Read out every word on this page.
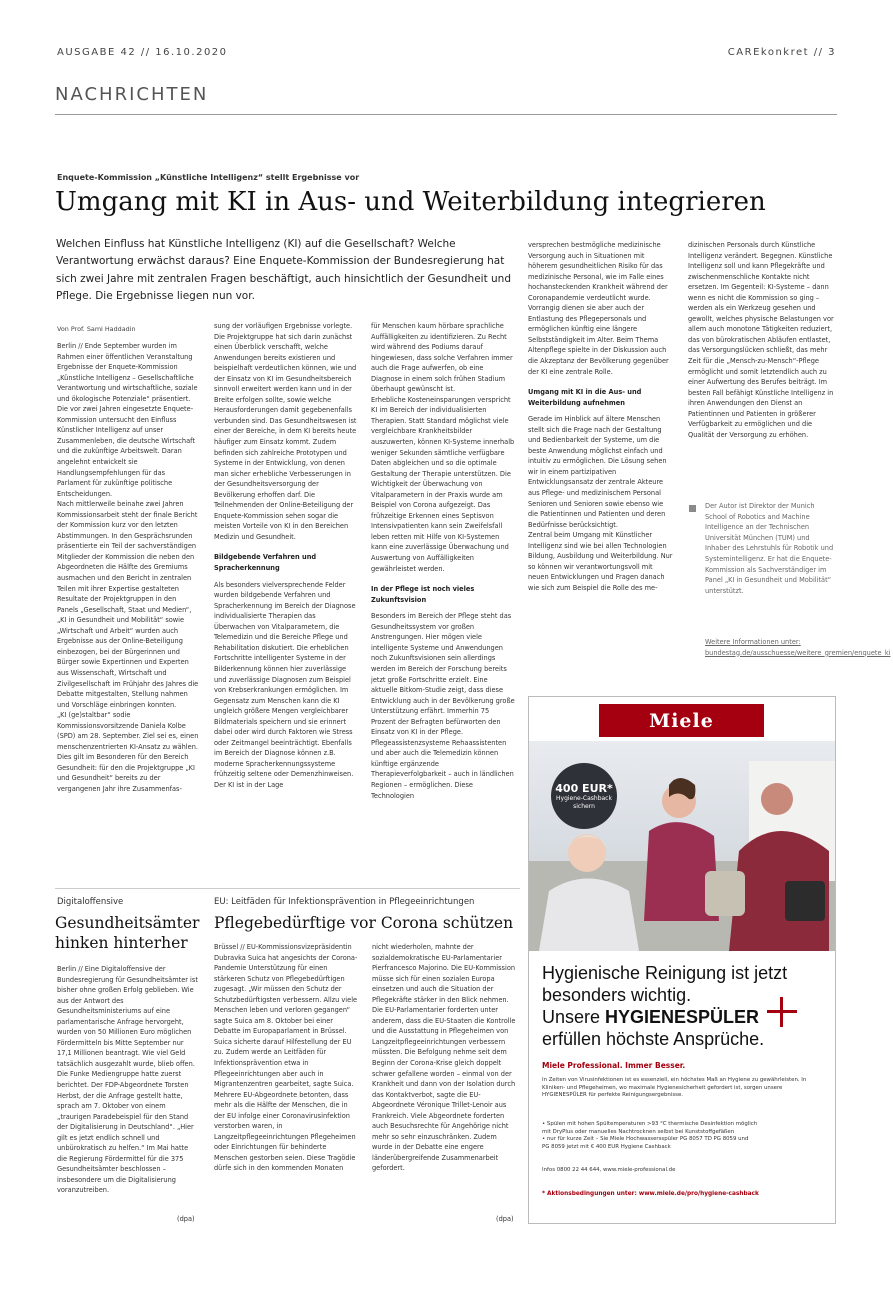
AUSGABE 42 // 16.10.2020	CAREkonkret // 3
NACHRICHTEN
Enquete-Kommission „Künstliche Intelligenz“ stellt Ergebnisse vor
Umgang mit KI in Aus- und Weiterbildung integrieren
Welchen Einfluss hat Künstliche Intelligenz (KI) auf die Gesellschaft? Welche Verantwortung erwächst daraus? Eine Enquete-Kommission der Bundesregierung hat sich zwei Jahre mit zentralen Fragen beschäftigt, auch hinsichtlich der Gesundheit und Pflege. Die Ergebnisse liegen nun vor.
Von Prof. Sami Haddadin
Berlin // Ende September wurden im Rahmen einer öffentlichen Veranstaltung Ergebnisse der Enquete-Kommission „Künstliche Intelligenz – Gesellschaftliche Verantwortung und wirtschaftliche, soziale und ökologische Potenziale“ präsentiert. Die vor zwei Jahren eingesetzte Enquete-Kommission untersucht den Einfluss Künstlicher Intelligenz auf unser Zusammenleben, die deutsche Wirtschaft und die zukünftige Arbeitswelt. Daran angelehnt entwickelt sie Handlungsempfehlungen für das Parlament für zukünftige politische Entscheidungen.
Nach mittlerweile beinahe zwei Jahren Kommissionsarbeit steht der finale Bericht der Kommission kurz vor den letzten Abstimmungen. In den Gesprächsrunden präsentierte ein Teil der sachverständigen Mitglieder der Kommission die neben den Abgeordneten die Hälfte des Gremiums ausmachen und den Bericht in zentralen Teilen mit ihrer Expertise gestalteten Resultate der Projektgruppen in den Panels „Gesellschaft, Staat und Medien“, „KI in Gesundheit und Mobilität“ sowie „Wirtschaft und Arbeit“ wurden auch Ergebnisse aus der Online-Beteiligung einbezogen, bei der Bürgerinnen und Bürger sowie Expertinnen und Experten aus Wissenschaft, Wirtschaft und Zivilgesellschaft im Frühjahr des Jahres die Debatte mitgestalten, Stellung nahmen und Vorschläge einbringen konnten.
„KI (ge)staltbar“ sodie Kommissionsvorsitzende Daniela Kolbe (SPD) am 28. September. Ziel sei es, einen menschenzentrierten KI-Ansatz zu wählen. Dies gilt im Besonderen für den Bereich Gesundheit: für den die Projektgruppe „KI und Gesundheit“ bereits zu der vergangenen Jahr ihre Zusammenfas-
sung der vorläufigen Ergebnisse vorlegte. Die Projektgruppe hat sich darin zunächst einen Überblick verschafft, welche Anwendungen bereits existieren und beispielhaft verdeutlichen können, wie und der Einsatz von KI im Gesundheitsbereich sinnvoll erweitert werden kann und in der Breite erfolgen sollte, sowie welche Herausforderungen damit gegebenenfalls verbunden sind. Das Gesundheitswesen ist einer der Bereiche, in dem KI bereits heute häufiger zum Einsatz kommt. Zudem befinden sich zahlreiche Prototypen und Systeme in der Entwicklung, von denen man sicher erhebliche Verbesserungen in der Gesundheitsversorgung der Bevölkerung erhoffen darf. Die Teilnehmenden der Online-Beteiligung der Enquete-Kommission sehen sogar die meisten Vorteile von KI in den Bereichen Medizin und Gesundheit.
Bildgebende Verfahren und Spracherkennung
Als besonders vielversprechende Felder wurden bildgebende Verfahren und Spracherkennung im Bereich der Diagnose individualisierte Therapien das Überwachen von Vitalparametern, die Telemedizin und die Bereiche Pflege und Rehabilitation diskutiert. Die erheblichen Fortschritte intelligenter Systeme in der Bilderkennung können hier zuverlässige und zuverlässige Diagnosen zum Beispiel von Krebserkrankungen ermöglichen. Im Gegensatz zum Menschen kann die KI ungleich größere Mengen vergleichbarer Bildmaterials speichern und sie erinnert dabei oder wird durch Faktoren wie Stress oder Zeitmangel beeinträchtigt. Ebenfalls im Bereich der Diagnose können z.B. moderne Spracherkennungssysteme frühzeitig seltene oder Demenzhinweisen. Der KI ist in der Lage
für Menschen kaum hörbare sprachliche Auffälligkeiten zu identifizieren. Zu Recht wird während des Podiums darauf hingewiesen, dass solche Verfahren immer auch die Frage aufwerfen, ob eine Diagnose in einem solch frühen Stadium überhaupt gewünscht ist.
Erhebliche Kosteneinsparungen verspricht KI im Bereich der individualisierten Therapien. Statt Standard möglichst viele vergleichbare Krankheitsbilder auszuwerten, können KI-Systeme innerhalb weniger Sekunden sämtliche verfügbare Daten abgleichen und so die optimale Gestaltung der Therapie unterstützen. Die Wichtigkeit der Überwachung von Vitalparametern in der Praxis wurde am Beispiel von Corona aufgezeigt. Das frühzeitige Erkennen eines Septisvon Intensivpatienten kann sein Zweifelsfall leben retten mit Hilfe von KI-Systemen kann eine zuverlässige Überwachung und Auswertung von Auffälligkeiten gewährleistet werden.
In der Pflege ist noch vieles Zukunftsvision
Besonders im Bereich der Pflege steht das Gesundheitssystem vor großen Anstrengungen. Hier mögen viele intelligente Systeme und Anwendungen noch Zukunftsvisionen sein allerdings werden im Bereich der Forschung bereits jetzt große Fortschritte erzielt. Eine aktuelle Bitkom-Studie zeigt, dass diese Entwicklung auch in der Bevölkerung große Unterstützung erfährt. Immerhin 75 Prozent der Befragten befürworten den Einsatz von KI in der Pflege. Pflegeassistenzsysteme Rehaassistenten und aber auch die Telemedizin können künftige ergänzende Therapieverfolgbarkeit – auch in ländlichen Regionen – ermöglichen. Diese Technologien
versprechen bestmögliche medizinische Versorgung auch in Situationen mit höherem gesundheitlichen Risiko für das medizinische Personal, wie im Falle eines hochansteckenden Krankheit während der Coronapandemie verdeutlicht wurde.
Vorrangig dienen sie aber auch der Entlastung des Pflegepersonals und ermöglichen künftig eine längere Selbstständigkeit im Alter. Beim Thema Altenpflege spielte in der Diskussion auch die Akzeptanz der Bevölkerung gegenüber der KI eine zentrale Rolle.
Umgang mit KI in die Aus- und Weiterbildung aufnehmen
Gerade im Hinblick auf ältere Menschen stellt sich die Frage nach der Gestaltung und Bedienbarkeit der Systeme, um die beste Anwendung möglichst einfach und intuitiv zu ermöglichen. Die Lösung sehen wir in einem partizipativen Entwicklungsansatz der zentrale Akteure aus Pflege- und medizinischem Personal Senioren und Senioren sowie ebenso wie die Patientinnen und Patienten und deren Bedürfnisse berücksichtigt.
Zentral beim Umgang mit Künstlicher Intelligenz sind wie bei allen Technologien Bildung, Ausbildung und Weiterbildung. Nur so können wir verantwortungsvoll mit neuen Entwicklungen und Fragen danach wie sich zum Beispiel die Rolle des me-
dizinischen Personals durch Künstliche Intelligenz verändert. Begegnen. Künstliche Intelligenz soll und kann Pflegekräfte und zwischenmenschliche Kontakte nicht ersetzen. Im Gegenteil: KI-Systeme – dann wenn es nicht die Kommission so ging – werden als ein Werkzeug gesehen und gewollt, welches physische Belastungen vor allem auch monotone Tätigkeiten reduziert, das von bürokratischen Abläufen entlastet, das Versorgungslücken schließt, das mehr Zeit für die „Mensch-zu-Mensch“-Pflege ermöglicht und somit letztendlich auch zu einer Aufwertung des Berufes beiträgt. Im besten Fall befähigt Künstliche Intelligenz in ihren Anwendungen den Dienst an Patientinnen und Patienten in größerer Verfügbarkeit zu ermöglichen und die Qualität der Versorgung zu erhöhen.
Der Autor ist Direktor der Munich School of Robotics and Machine Intelligence an der Technischen Universität München (TUM) und Inhaber des Lehrstuhls für Robotik und Systemintelligenz. Er hat die Enquete-Kommission als Sachverständiger im Panel „KI in Gesundheit und Mobilität“ unterstützt.
Weitere Informationen unter: bundestag.de/ausschuesse/weitere_gremien/enquete_ki
Digitaloffensive
Gesundheitsämter hinken hinterher
Berlin // Eine Digitaloffensive der Bundesregierung für Gesundheitsämter ist bisher ohne großen Erfolg geblieben. Wie aus der Antwort des Gesundheitsministeriums auf eine parlamentarische Anfrage hervorgeht, wurden von 50 Millionen Euro möglichen Fördermitteln bis Mitte September nur 17,1 Millionen beantragt. Wie viel Geld tatsächlich ausgezahlt wurde, blieb offen. Die Funke Mediengruppe hatte zuerst berichtet. Der FDP-Abgeordnete Torsten Herbst, der die Anfrage gestellt hatte, sprach am 7. Oktober von einem „traurigen Paradebeispiel für den Stand der Digitalisierung in Deutschland“. „Hier gilt es jetzt endlich schnell und unbürokratisch zu helfen.“ Im Mai hatte die Regierung Fördermittel für die 375 Gesundheitsämter beschlossen – insbesondere um die Digitalisierung voranzutreiben.
(dpa)
EU: Leitfäden für Infektionsprävention in Pflegeeinrichtungen
Pflegebedürftige vor Corona schützen
Brüssel // EU-Kommissionsvizepräsidentin Dubravka Suica hat angesichts der Corona-Pandemie Unterstützung für einen stärkeren Schutz von Pflegebedürftigen zugesagt. „Wir müssen den Schutz der Schutzbedürftigsten verbessern. Allzu viele Menschen leben und verloren gegangen“ sagte Suica am 8. Oktober bei einer Debatte im Europaparlament in Brüssel.
Suica sicherte darauf Hilfestellung der EU zu. Zudem werde an Leitfäden für Infektionsprävention etwa in Pflegeeinrichtungen aber auch in Migrantenzentren gearbeitet, sagte Suica. Mehrere EU-Abgeordnete betonten, dass mehr als die Hälfte der Menschen, die in der EU infolge einer Coronavirusinfektion verstorben waren, in Langzeitpflegeeinrichtungen Pflegeheimen oder Einrichtungen für behinderte Menschen gestorben seien. Diese Tragödie dürfe sich in den kommenden Monaten
nicht wiederholen, mahnte der sozialdemokratische EU-Parlamentarier Pierfrancesco Majorino. Die EU-Kommission müsse sich für einen sozialen Europa einsetzen und auch die Situation der Pflegekräfte stärker in den Blick nehmen.
Die EU-Parlamentarier forderten unter anderem, dass die EU-Staaten die Kontrolle und die Ausstattung in Pflegeheimen von Langzeitpflegeeinrichtungen verbessern müssten. Die Befolgung nehme seit dem Beginn der Corona-Krise gleich doppelt schwer gefallene worden – einmal von der Krankheit und dann von der Isolation durch das Kontaktverbot, sagte die EU-Abgeordnete Véronique Trillet-Lenoir aus Frankreich. Viele Abgeordnete forderten auch Besuchsrechte für Angehörige nicht mehr so sehr einzuschränken. Zudem wurde in der Debatte eine engere länderübergreifende Zusammenarbeit gefordert.
(dpa)
Miele
400 EUR*
Hygiene-Cashback
sichern
Hygienische Reinigung ist jetzt
besonders wichtig.
Unsere HYGIENESPÜLER
erfüllen höchste Ansprüche.
Miele Professional. Immer Besser.
In Zeiten von Virusinfektionen ist es essenziell, ein höchstes Maß an Hygiene zu gewährleisten. In Kliniken- und Pflegeheimen, wo maximale Hygienesicherheit gefordert ist, sorgen unsere HYGIENESPÜLER für perfekte Reinigungsergebnisse.
• Spülen mit hohen Spültemperaturen >93 °C thermische Desinfektion möglich
mit DryPlus oder manuelles Nachtrocknen selbst bei Kunststoffgefäßen
• nur für kurze Zeit – Sie Miele Hochwassersspüler PG 8057 TD PG 8059 und
PG 8059 jetzt mit € 400 EUR Hygiene Cashback
Infos 0800 22 44 644, www.miele-professional.de
* Aktionsbedingungen unter: www.miele.de/pro/hygiene-cashback
